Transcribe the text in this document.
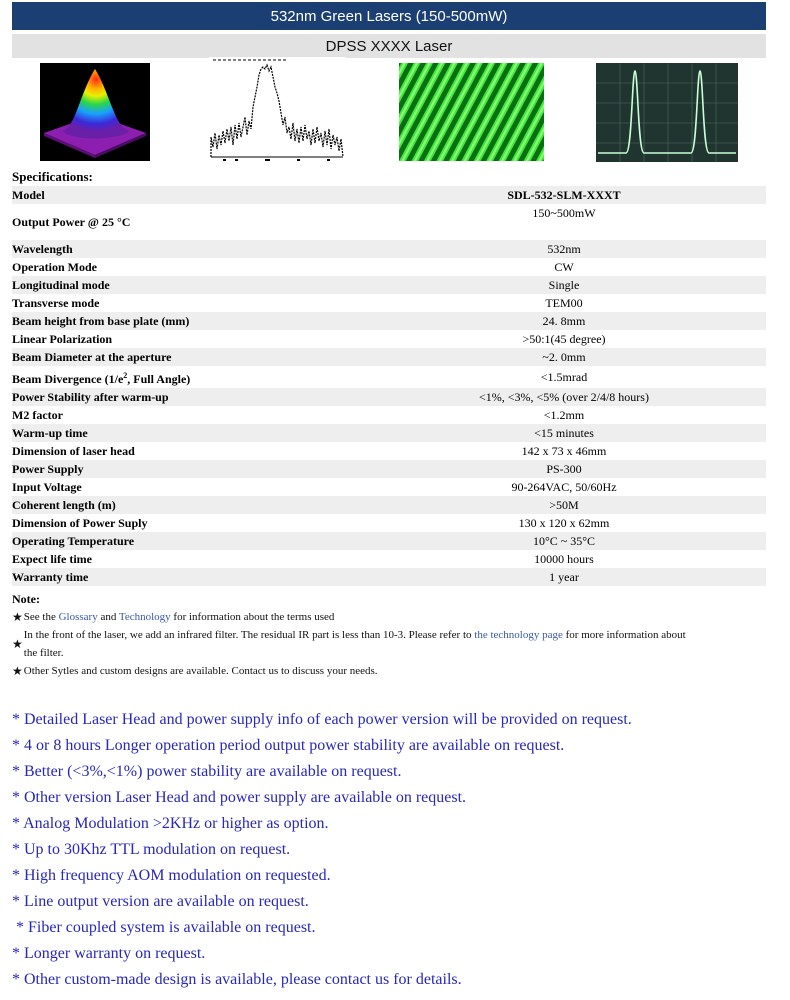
532nm Green Lasers (150-500mW)
DPSS XXXX Laser
Specifications:
Model	SDL-532-SLM-XXXT
Output Power @ 25 °C	150~500mW
Wavelength	532nm
Operation Mode	CW
Longitudinal mode	Single
Transverse mode	TEM00
Beam height from base plate (mm)	24. 8mm
Linear Polarization	>50:1(45 degree)
Beam Diameter at the aperture	~2. 0mm
Beam Divergence ($1/e^2$, Full Angle)	<1.5mrad
Power Stability after warm-up	<1%, <3%, <5% (over 2/4/8 hours)
M2 factor	<1.2mm
Warm-up time	<15 minutes
Dimension of laser head	142 x 73 x 46mm
Power Supply	PS-300
Input Voltage	90-264VAC, 50/60Hz
Coherent length (m)	>50M
Dimension of Power Suply	130 x 120 x 62mm
Operating Temperature	10°C ~ 35°C
Expect life time	10000 hours
Warranty time	1 year
Note:
★ See the Glossary and Technology for information about the terms used
★
In the front of the laser, we add an infrared filter. The residual IR part is less than 10-3. Please refer to the technology page for more information about
the filter.
★ Other Sytles and custom designs are available. Contact us to discuss your needs.
* Detailed Laser Head and power supply info of each power version will be provided on request.
* 4 or 8 hours Longer operation period output power stability are available on request.
* Better (<3%,<1%) power stability are available on request.
* Other version Laser Head and power supply are available on request.
* Analog Modulation >2KHz or higher as option.
* Up to 30Khz TTL modulation on request.
* High frequency AOM modulation on requested.
* Line output version are available on request.
* Fiber coupled system is available on request.
* Longer warranty on request.
* Other custom-made design is available, please contact us for details.
